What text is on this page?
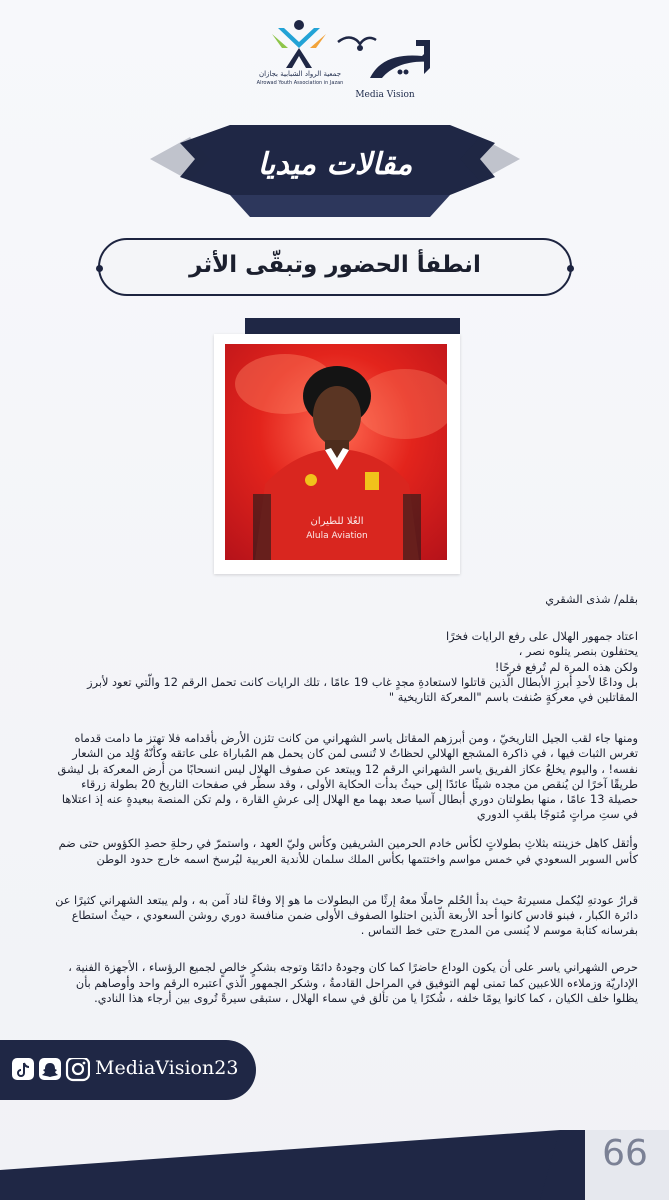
جمعية الرواد الشبابية بجازان
Alrowad Youth Association in Jazan
Media Vision
مقالات ميديا
انطفأ الحضور وتبقّى الأثر
العُلا للطيران
Alula Aviation

بقلم/ شذى الشقري

اعتاد جمهور الهلال على رفع الرايات فخرًا

يحتفلون بنصر يتلوه نصر ،

ولكن هذه المرة لم تُرفع فرحًا!

بل وداعًا لأحدِ أبرزِ الأبطال الّذين قاتلوا لاستعادةِ مجدٍ غاب 19 عامًا ، تلك الرايات كانت تحمل الرقم 12 والّتي تعود لأبرز المقاتلين في معركةٍ صُنفت باسم "المعركة التاريخية "

ومنها جاء لقب الجيل التاريخيّ ، ومن أبرزهم المقاتل ياسر الشهراني من كانت تئزن الأرض بأقدامه فلا تهتز ما دامت قدماه تغرس الثبات فيها ، في ذاكرة المشجع الهلالي لحظاتٌ لا تُنسى لمن كان يحمل هم المُباراة على عاتقه وكأنّهُ وُلِد من الشعار نفسه! ، واليوم يخلعُ عكاز الفريق ياسر الشهراني الرقم 12 ويبتعد عن صفوف الهلال ليس انسحابًا من أرض المعركة بل ليشق طريقًا آخرًا لن يُنقص من مجده شيئًا عائدًا إلى حيثُ بدأت الحكاية الأولى ، وقد سطّر في صفحات التاريخ 20 بطولة زرقاء حصيلة 13 عامًا ، منها بطولتان دوري أبطال آسيا صعد بهما مع الهلال إلى عرشِ القارة ، ولم تكن المنصة ببعيدةٍ عنه إذ اعتلاها في ستِ مراتٍ مُتوجًا بلقبِ الدوري

وأثقل كاهل خزينته بثلاثِ بطولاتٍ لكأس خادم الحرمين الشريفين وكأس وليّ العهد ، واستمرّ في رحلةِ حصدِ الكؤوس حتى ضم كأس السوبر السعودي في خمس مواسم واختتمها بكأس الملك سلمان للأندية العربية ليُرسخ اسمه خارج حدود الوطن

قرارُ عودتهِ ليُكمل مسيرتهُ حيث بدأ الحُلم حاملًا معهُ إرثًا من البطولات ما هو إلا وفاءً لناد آمن به ، ولم يبتعد الشهراني كثيرًا عن دائرة الكبار ، فبنو قادس كانوا أحد الأربعة الّذين احتلوا الصفوف الأولى ضمن منافسة دوري روشن السعودي ، حيثُ استطاع بفرسانه كتابة موسم لا يُنسى من المدرج حتى خط التماس .

حرص الشهراني ياسر على أن يكون الوداع حاضرًا كما كان وجودهُ دائمًا وتوجه بشكرٍ خالصٍ لجميع الرؤساء ، الأجهزة الفنية ، الإداريّة وزملاءه اللاعبين كما تمنى لهم التوفيق في المراحل القادمةُ ، وشكر الجمهور الّذي اعتبره الرقم واحد وأوصاهم بأن يظلوا خلف الكيان ، كما كانوا يومًا خلفه ، شُكرًا يا من تألق في سماء الهلال ، ستبقى سيرةً تُروى بين أرجاء هذا النادي.

MediaVision23
66
